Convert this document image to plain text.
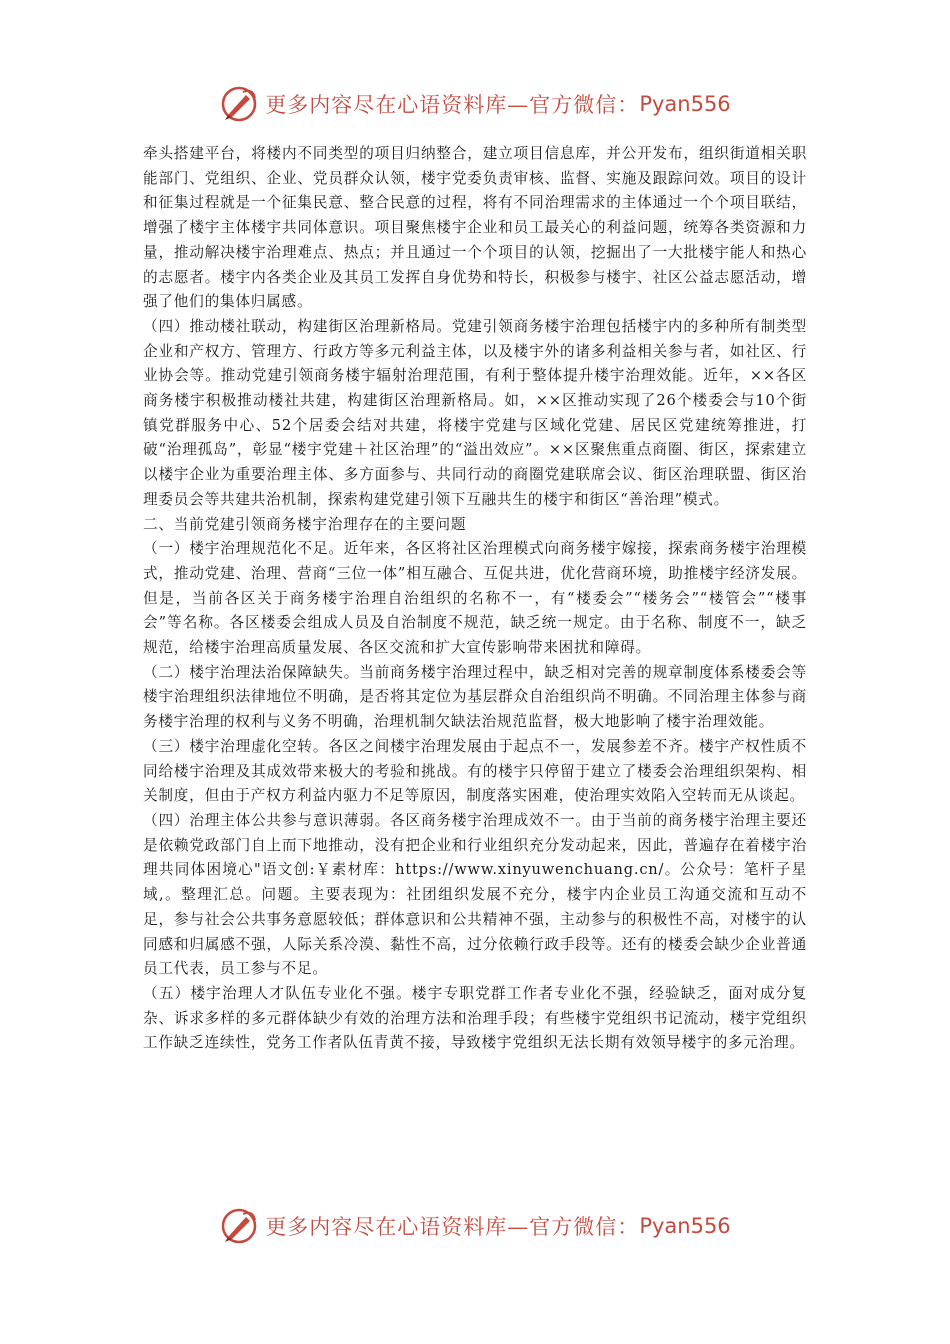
更多内容尽在心语资料库—官方微信： Pyan556

牵头搭建平台，将楼内不同类型的项目归纳整合，建立项目信息库，并公开发布，组织街道相关职能部门、党组织、企业、党员群众认领，楼宇党委负责审核、监督、实施及跟踪问效。项目的设计和征集过程就是一个征集民意、整合民意的过程，将有不同治理需求的主体通过一个个项目联结，增强了楼宇主体楼宇共同体意识。项目聚焦楼宇企业和员工最关心的利益问题，统筹各类资源和力量，推动解决楼宇治理难点、热点；并且通过一个个项目的认领，挖掘出了一大批楼宇能人和热心的志愿者。楼宇内各类企业及其员工发挥自身优势和特长，积极参与楼宇、社区公益志愿活动，增强了他们的集体归属感。

（四）推动楼社联动，构建街区治理新格局。党建引领商务楼宇治理包括楼宇内的多种所有制类型企业和产权方、管理方、行政方等多元利益主体，以及楼宇外的诸多利益相关参与者，如社区、行业协会等。推动党建引领商务楼宇辐射治理范围，有利于整体提升楼宇治理效能。近年，××各区商务楼宇积极推动楼社共建，构建街区治理新格局。如，××区推动实现了26个楼委会与10个街镇党群服务中心、52个居委会结对共建，将楼宇党建与区域化党建、居民区党建统筹推进，打破“治理孤岛”，彰显“楼宇党建＋社区治理”的“溢出效应”。××区聚焦重点商圈、街区，探索建立以楼宇企业为重要治理主体、多方面参与、共同行动的商圈党建联席会议、街区治理联盟、街区治理委员会等共建共治机制，探索构建党建引领下互融共生的楼宇和街区“善治理”模式。

二、当前党建引领商务楼宇治理存在的主要问题

（一）楼宇治理规范化不足。近年来，各区将社区治理模式向商务楼宇嫁接，探索商务楼宇治理模式，推动党建、治理、营商“三位一体”相互融合、互促共进，优化营商环境，助推楼宇经济发展。但是，当前各区关于商务楼宇治理自治组织的名称不一，有“楼委会”“楼务会”“楼管会”“楼事会”等名称。各区楼委会组成人员及自治制度不规范，缺乏统一规定。由于名称、制度不一，缺乏规范，给楼宇治理高质量发展、各区交流和扩大宣传影响带来困扰和障碍。

（二）楼宇治理法治保障缺失。当前商务楼宇治理过程中，缺乏相对完善的规章制度体系楼委会等楼宇治理组织法律地位不明确，是否将其定位为基层群众自治组织尚不明确。不同治理主体参与商务楼宇治理的权利与义务不明确，治理机制欠缺法治规范监督，极大地影响了楼宇治理效能。

（三）楼宇治理虚化空转。各区之间楼宇治理发展由于起点不一，发展参差不齐。楼宇产权性质不同给楼宇治理及其成效带来极大的考验和挑战。有的楼宇只停留于建立了楼委会治理组织架构、相关制度，但由于产权方利益内驱力不足等原因，制度落实困难，使治理实效陷入空转而无从谈起。

（四）治理主体公共参与意识薄弱。各区商务楼宇治理成效不一。由于当前的商务楼宇治理主要还是依赖党政部门自上而下地推动，没有把企业和行业组织充分发动起来，因此，普遍存在着楼宇治理共同体困境心"语文创:￥素材库：https://www.xinyuwenchuang.cn/。公众号：笔杆子星域,。整理汇总。问题。主要表现为：社团组织发展不充分，楼宇内企业员工沟通交流和互动不足，参与社会公共事务意愿较低；群体意识和公共精神不强，主动参与的积极性不高，对楼宇的认同感和归属感不强，人际关系冷漠、黏性不高，过分依赖行政手段等。还有的楼委会缺少企业普通员工代表，员工参与不足。

（五）楼宇治理人才队伍专业化不强。楼宇专职党群工作者专业化不强，经验缺乏，面对成分复杂、诉求多样的多元群体缺少有效的治理方法和治理手段；有些楼宇党组织书记流动，楼宇党组织工作缺乏连续性，党务工作者队伍青黄不接，导致楼宇党组织无法长期有效领导楼宇的多元治理。

更多内容尽在心语资料库—官方微信： Pyan556
